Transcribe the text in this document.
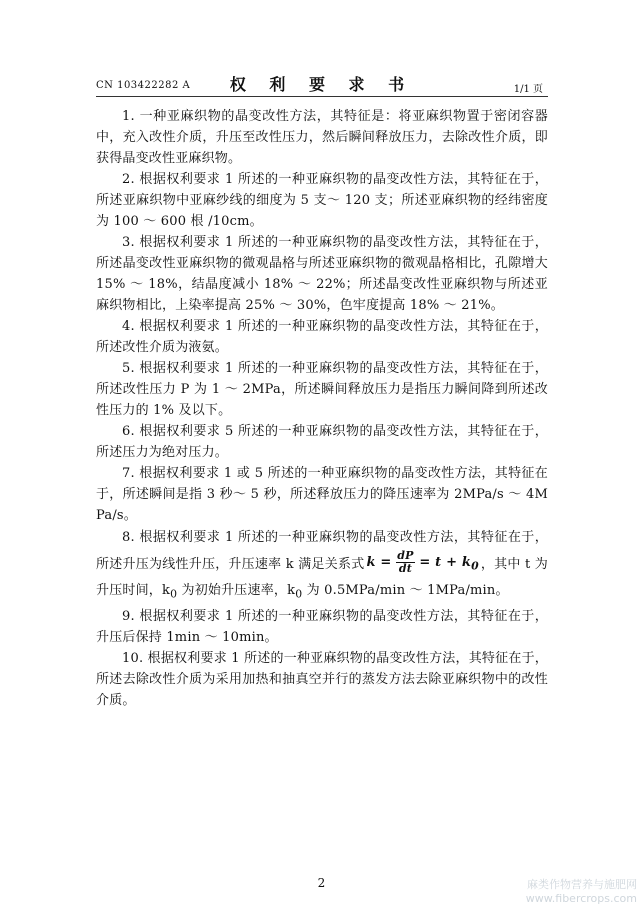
CN 103422282 A	权 利 要 求 书	1/1 页

1. 一种亚麻织物的晶变改性方法，其特征是：将亚麻织物置于密闭容器中，充入改性介质，升压至改性压力，然后瞬间释放压力，去除改性介质，即获得晶变改性亚麻织物。

2. 根据权利要求 1 所述的一种亚麻织物的晶变改性方法，其特征在于，所述亚麻织物中亚麻纱线的细度为 5 支～ 120 支；所述亚麻织物的经纬密度为 100 ～ 600 根 /10cm。

3. 根据权利要求 1 所述的一种亚麻织物的晶变改性方法，其特征在于，所述晶变改性亚麻织物的微观晶格与所述亚麻织物的微观晶格相比，孔隙增大 15% ～ 18%，结晶度减小 18% ～ 22%；所述晶变改性亚麻织物与所述亚麻织物相比，上染率提高 25% ～ 30%，色牢度提高 18% ～ 21%。

4. 根据权利要求 1 所述的一种亚麻织物的晶变改性方法，其特征在于，所述改性介质为液氨。

5. 根据权利要求 1 所述的一种亚麻织物的晶变改性方法，其特征在于，所述改性压力 P 为 1 ～ 2MPa，所述瞬间释放压力是指压力瞬间降到所述改性压力的 1% 及以下。

6. 根据权利要求 5 所述的一种亚麻织物的晶变改性方法，其特征在于，所述压力为绝对压力。

7. 根据权利要求 1 或 5 所述的一种亚麻织物的晶变改性方法，其特征在于，所述瞬间是指 3 秒～ 5 秒，所述释放压力的降压速率为 2MPa/s ～ 4MPa/s。

8. 根据权利要求 1 所述的一种亚麻织物的晶变改性方法，其特征在于，所述升压为线性升压，升压速率 k 满足关系式 $k = \frac{dP}{dt} = t + k_0$ ，其中 t 为升压时间，$k_0$ 为初始升压速率，$k_0$ 为 0.5MPa/min ～ 1MPa/min。

9. 根据权利要求 1 所述的一种亚麻织物的晶变改性方法，其特征在于，升压后保持 1min ～ 10min。

10. 根据权利要求 1 所述的一种亚麻织物的晶变改性方法，其特征在于，所述去除改性介质为采用加热和抽真空并行的蒸发方法去除亚麻织物中的改性介质。

2	麻类作物营养与施肥网
www.fibercrops.com
